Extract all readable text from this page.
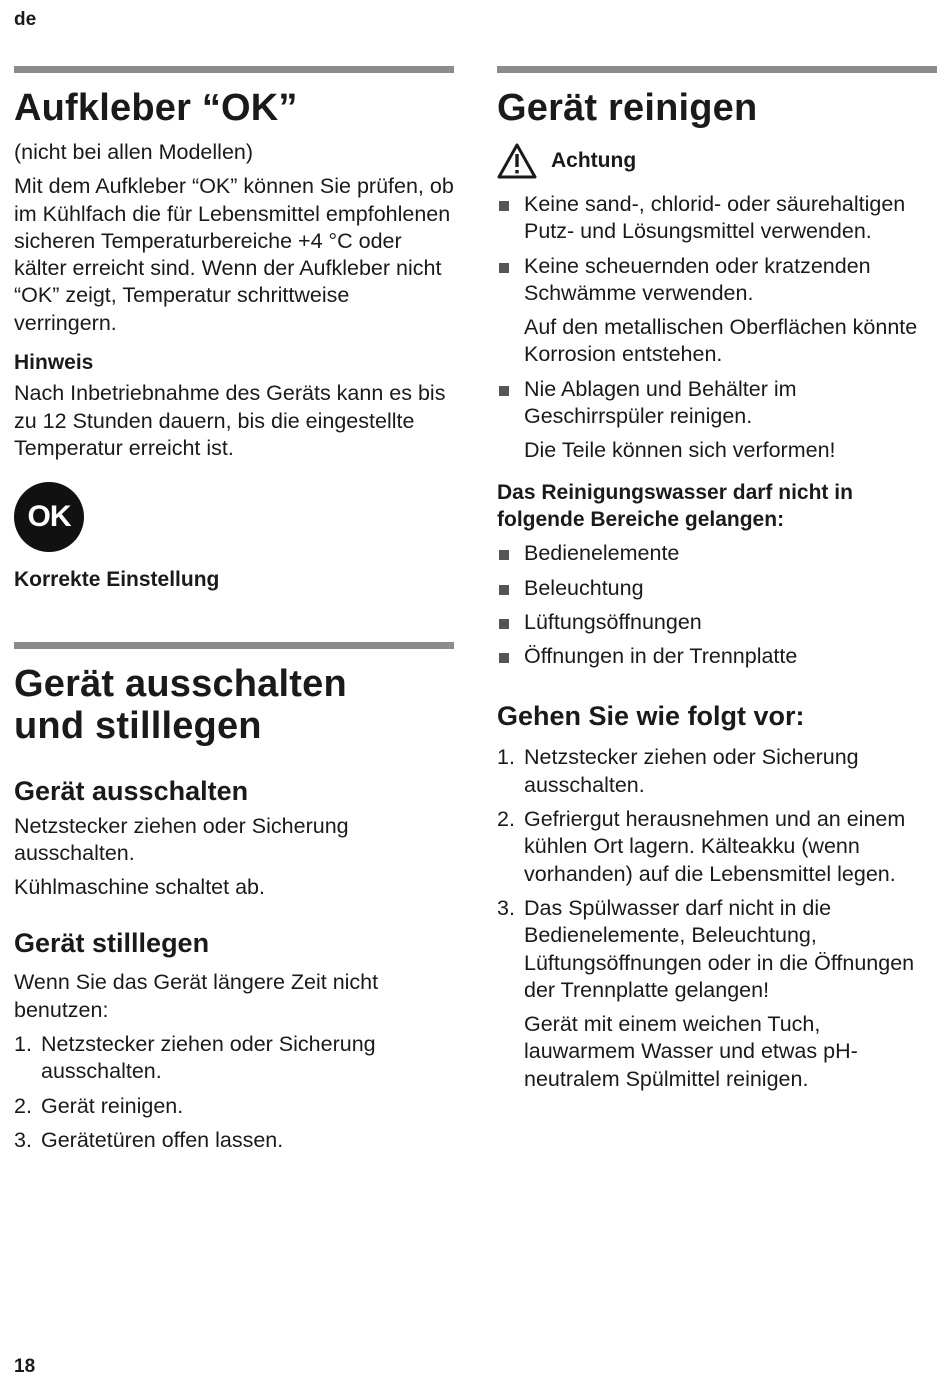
de
Aufkleber “OK”

(nicht bei allen Modellen)

Mit dem Aufkleber “OK” können Sie prüfen, ob im Kühlfach die für Lebensmittel empfohlenen sicheren Temperaturbereiche +4 °C oder kälter erreicht sind. Wenn der Aufkleber nicht “OK” zeigt, Temperatur schrittweise verringern.

Hinweis

Nach Inbetriebnahme des Geräts kann es bis zu 12 Stunden dauern, bis die eingestellte Temperatur erreicht ist.

OK

Korrekte Einstellung

Gerät ausschalten und stilllegen
Gerät ausschalten

Netzstecker ziehen oder Sicherung ausschalten.

Kühlmaschine schaltet ab.

Gerät stilllegen

Wenn Sie das Gerät längere Zeit nicht benutzen:

1. Netzstecker ziehen oder Sicherung ausschalten.
2. Gerät reinigen.
3. Gerätetüren offen lassen.
Gerät reinigen
Achtung
Keine sand-, chlorid- oder säurehaltigen Putz- und Lösungsmittel verwenden.
Keine scheuernden oder kratzenden Schwämme verwenden.

Auf den metallischen Oberflächen könnte Korrosion entstehen.

Nie Ablagen und Behälter im Geschirrspüler reinigen.

Die Teile können sich verformen!

Das Reinigungswasser darf nicht in folgende Bereiche gelangen:

Bedienelemente
Beleuchtung
Lüftungsöffnungen
Öffnungen in der Trennplatte
Gehen Sie wie folgt vor:
1. Netzstecker ziehen oder Sicherung ausschalten.
2. Gefriergut herausnehmen und an einem kühlen Ort lagern. Kälteakku (wenn vorhanden) auf die Lebensmittel legen.
3. Das Spülwasser darf nicht in die Bedienelemente, Beleuchtung, Lüftungsöffnungen oder in die Öffnungen der Trennplatte gelangen!

Gerät mit einem weichen Tuch, lauwarmem Wasser und etwas pH-neutralem Spülmittel reinigen.

18
